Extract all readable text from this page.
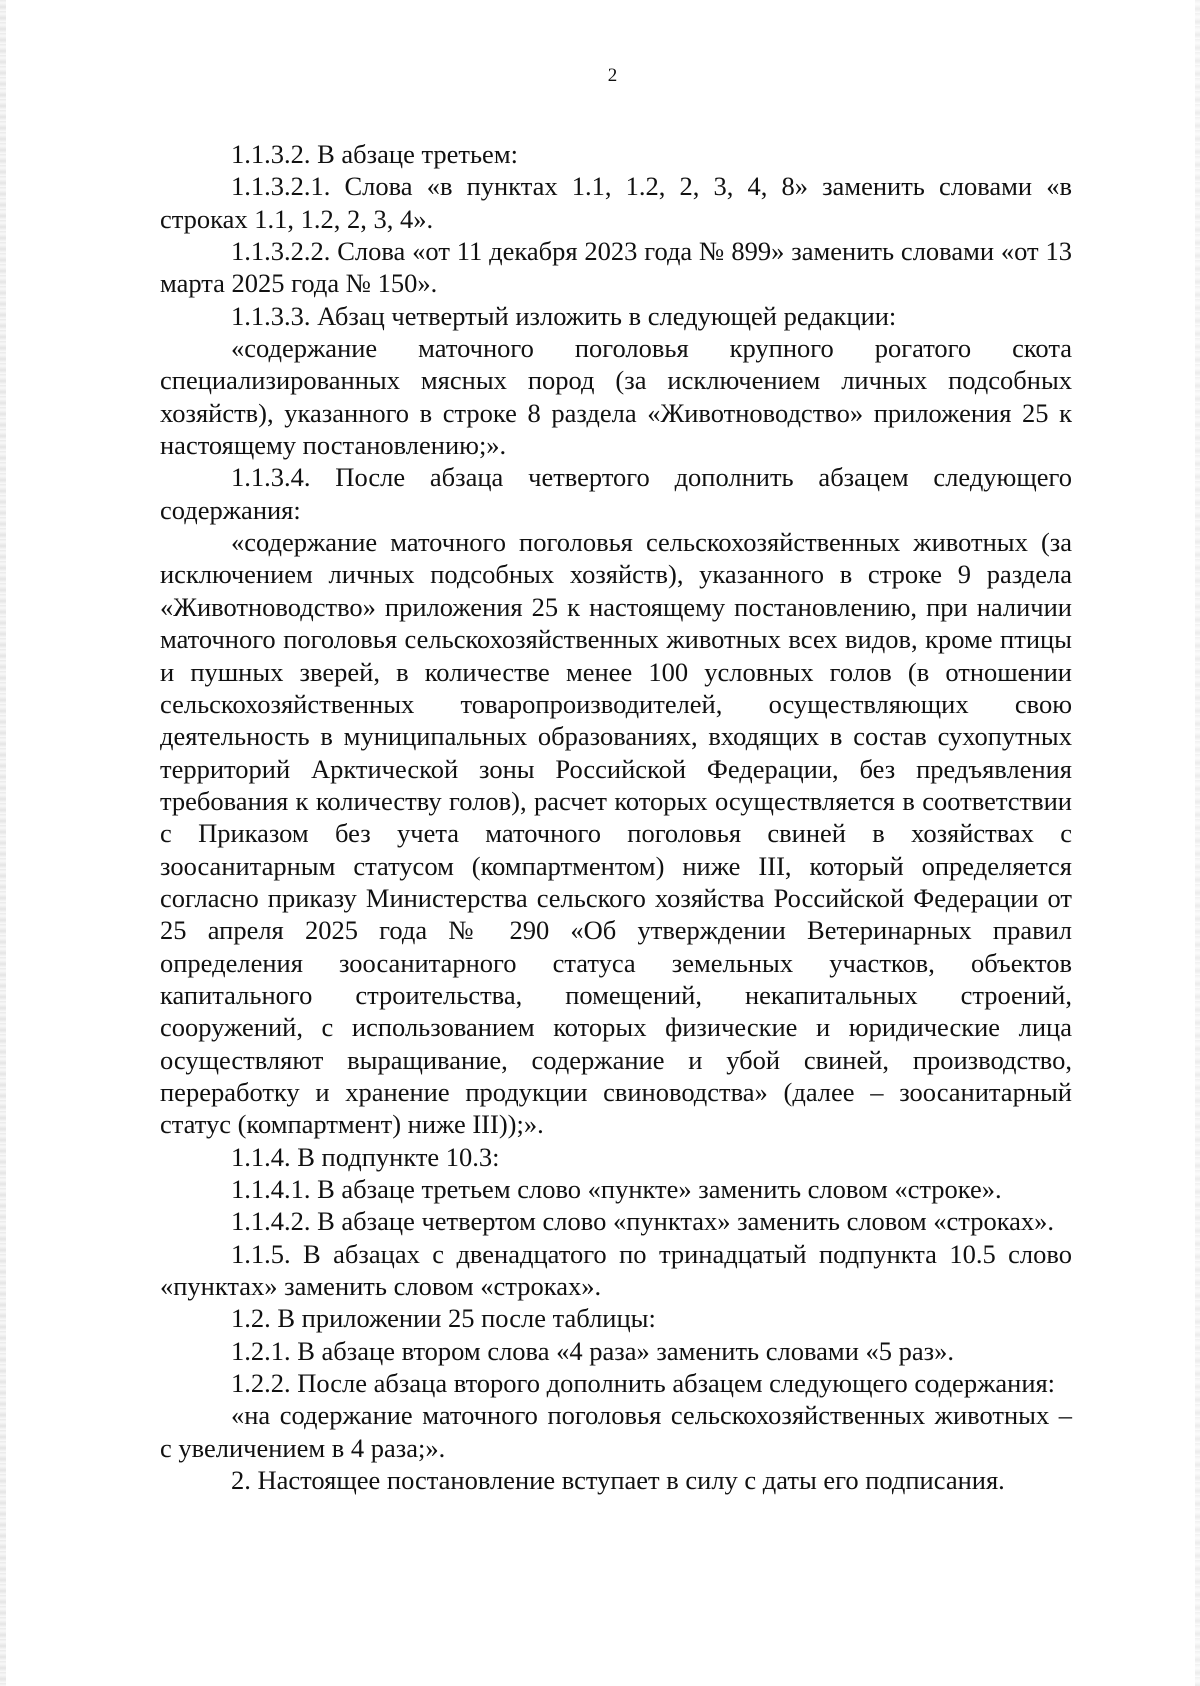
2

1.1.3.2. В абзаце третьем:

1.1.3.2.1. Слова «в пунктах 1.1, 1.2, 2, 3, 4, 8» заменить словами «в строках 1.1, 1.2, 2, 3, 4».

1.1.3.2.2. Слова «от 11 декабря 2023 года № 899» заменить словами «от 13 марта 2025 года № 150».

1.1.3.3. Абзац четвертый изложить в следующей редакции:

«содержание маточного поголовья крупного рогатого скота специализированных мясных пород (за исключением личных подсобных хозяйств), указанного в строке 8 раздела «Животноводство» приложения 25 к настоящему постановлению;».

1.1.3.4. После абзаца четвертого дополнить абзацем следующего содержания:

«содержание маточного поголовья сельскохозяйственных животных (за исключением личных подсобных хозяйств), указанного в строке 9 раздела «Животноводство» приложения 25 к настоящему постановлению, при наличии маточного поголовья сельскохозяйственных животных всех видов, кроме птицы и пушных зверей, в количестве менее 100 условных голов (в отношении сельскохозяйственных товаропроизводителей, осуществляющих свою деятельность в муниципальных образованиях, входящих в состав сухопутных территорий Арктической зоны Российской Федерации, без предъявления требования к количеству голов), расчет которых осуществляется в соответствии с Приказом без учета маточного поголовья свиней в хозяйствах с зоосанитарным статусом (компартментом) ниже III, который определяется согласно приказу Министерства сельского хозяйства Российской Федерации от 25 апреля 2025 года № 290 «Об утверждении Ветеринарных правил определения зоосанитарного статуса земельных участков, объектов капитального строительства, помещений, некапитальных строений, сооружений, с использованием которых физические и юридические лица осуществляют выращивание, содержание и убой свиней, производство, переработку и хранение продукции свиноводства» (далее – зоосанитарный статус (компартмент) ниже III));».

1.1.4. В подпункте 10.3:

1.1.4.1. В абзаце третьем слово «пункте» заменить словом «строке».

1.1.4.2. В абзаце четвертом слово «пунктах» заменить словом «строках».

1.1.5. В абзацах с двенадцатого по тринадцатый подпункта 10.5 слово «пунктах» заменить словом «строках».

1.2. В приложении 25 после таблицы:

1.2.1. В абзаце втором слова «4 раза» заменить словами «5 раз».

1.2.2. После абзаца второго дополнить абзацем следующего содержания:

«на содержание маточного поголовья сельскохозяйственных животных – с увеличением в 4 раза;».

2. Настоящее постановление вступает в силу с даты его подписания.
